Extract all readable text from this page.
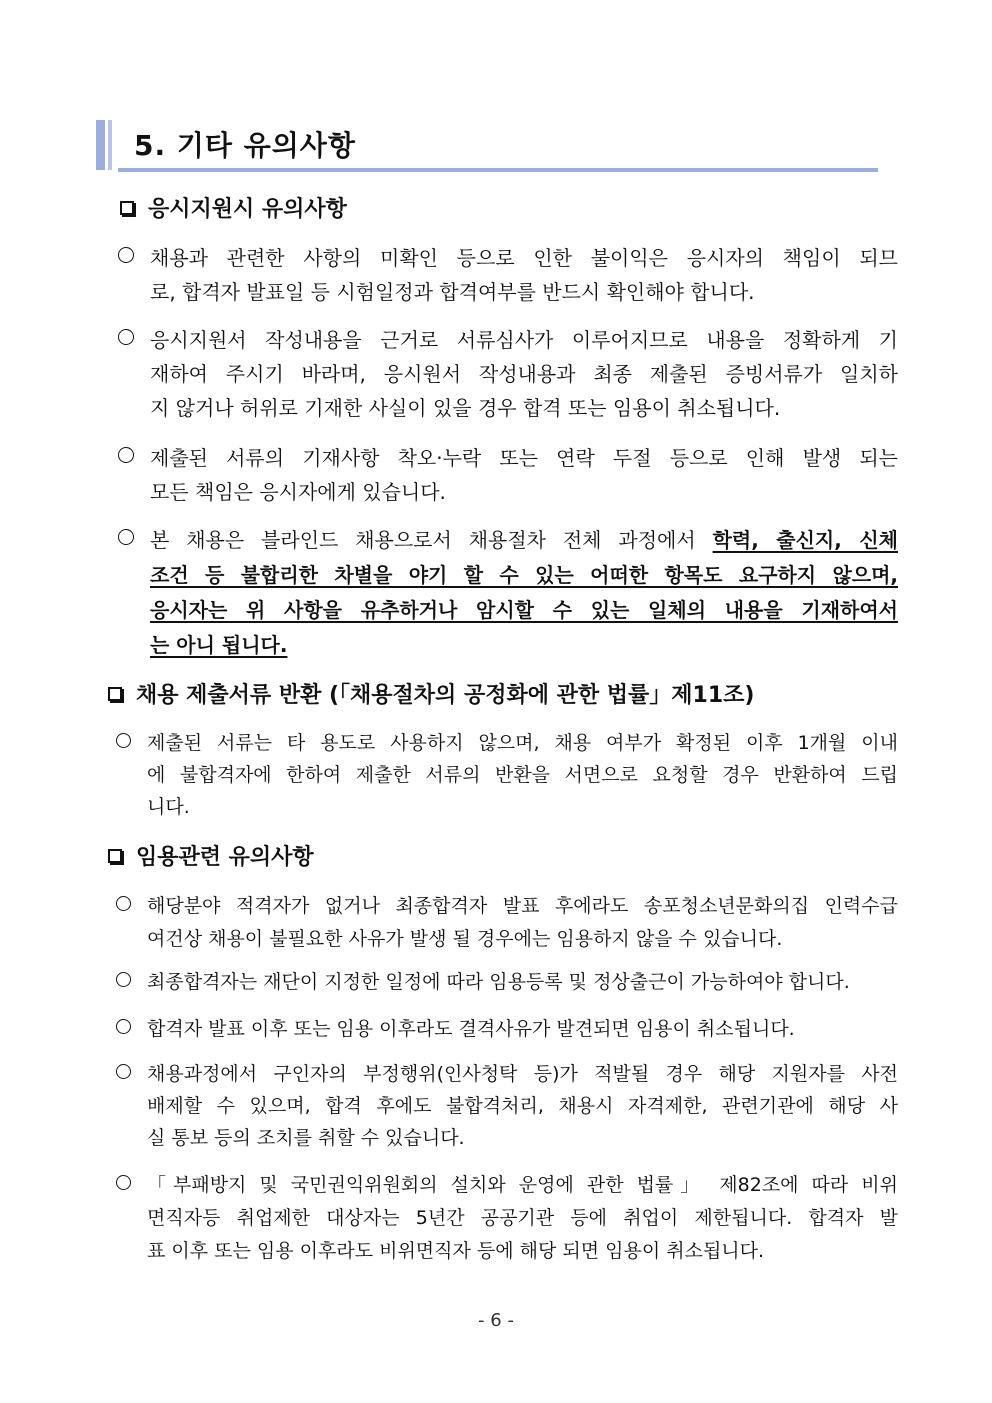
5. 기타 유의사항
응시지원시 유의사항
채용과 관련한 사항의 미확인 등으로 인한 불이익은 응시자의 책임이 되므
로, 합격자 발표일 등 시험일정과 합격여부를 반드시 확인해야 합니다.
응시지원서 작성내용을 근거로 서류심사가 이루어지므로 내용을 정확하게 기
재하여 주시기 바라며, 응시원서 작성내용과 최종 제출된 증빙서류가 일치하
지 않거나 허위로 기재한 사실이 있을 경우 합격 또는 임용이 취소됩니다.
제출된 서류의 기재사항 착오·누락 또는 연락 두절 등으로 인해 발생 되는
모든 책임은 응시자에게 있습니다.
본 채용은 블라인드 채용으로서 채용절차 전체 과정에서 학력, 출신지, 신체
조건 등 불합리한 차별을 야기 할 수 있는 어떠한 항목도 요구하지 않으며,
응시자는 위 사항을 유추하거나 암시할 수 있는 일체의 내용을 기재하여서
는 아니 됩니다.
채용 제출서류 반환 (「채용절차의 공정화에 관한 법률」제11조)
제출된 서류는 타 용도로 사용하지 않으며, 채용 여부가 확정된 이후 1개월 이내
에 불합격자에 한하여 제출한 서류의 반환을 서면으로 요청할 경우 반환하여 드립
니다.
임용관련 유의사항
해당분야 적격자가 없거나 최종합격자 발표 후에라도 송포청소년문화의집 인력수급
여건상 채용이 불필요한 사유가 발생 될 경우에는 임용하지 않을 수 있습니다.
최종합격자는 재단이 지정한 일정에 따라 임용등록 및 정상출근이 가능하여야 합니다.
합격자 발표 이후 또는 임용 이후라도 결격사유가 발견되면 임용이 취소됩니다.
채용과정에서 구인자의 부정행위(인사청탁 등)가 적발될 경우 해당 지원자를 사전
배제할 수 있으며, 합격 후에도 불합격처리, 채용시 자격제한, 관련기관에 해당 사
실 통보 등의 조치를 취할 수 있습니다.
「부패방지 및 국민권익위원회의 설치와 운영에 관한 법률」 제82조에 따라 비위
면직자등 취업제한 대상자는 5년간 공공기관 등에 취업이 제한됩니다. 합격자 발
표 이후 또는 임용 이후라도 비위면직자 등에 해당 되면 임용이 취소됩니다.
- 6 -
